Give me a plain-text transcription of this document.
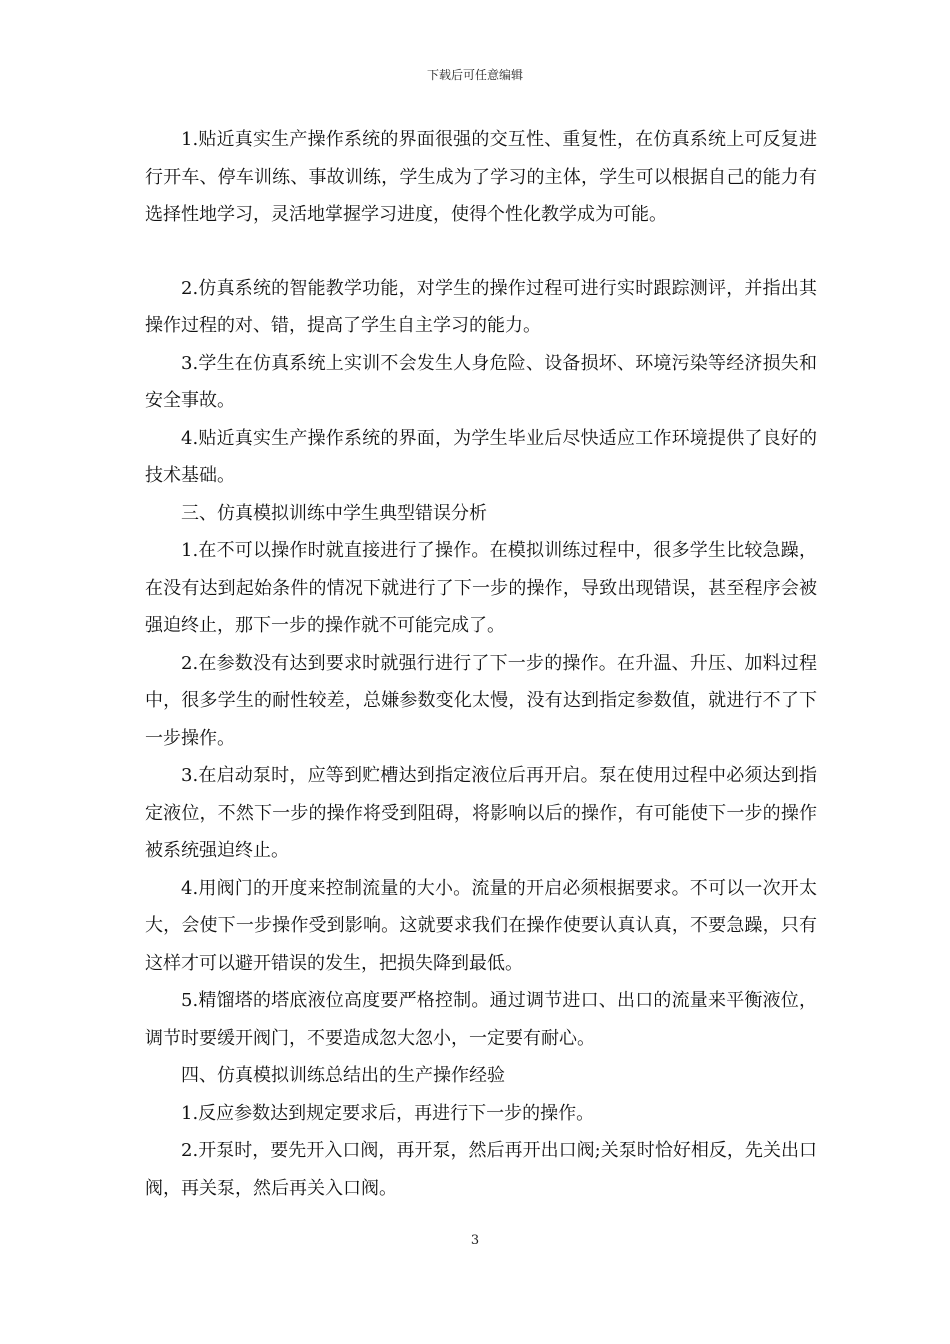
下载后可任意编辑

1.贴近真实生产操作系统的界面很强的交互性、重复性，在仿真系统上可反复进行开车、停车训练、事故训练，学生成为了学习的主体，学生可以根据自己的能力有选择性地学习，灵活地掌握学习进度，使得个性化教学成为可能。

2.仿真系统的智能教学功能，对学生的操作过程可进行实时跟踪测评，并指出其操作过程的对、错，提高了学生自主学习的能力。

3.学生在仿真系统上实训不会发生人身危险、设备损坏、环境污染等经济损失和安全事故。

4.贴近真实生产操作系统的界面，为学生毕业后尽快适应工作环境提供了良好的技术基础。

三、仿真模拟训练中学生典型错误分析

1.在不可以操作时就直接进行了操作。在模拟训练过程中，很多学生比较急躁，在没有达到起始条件的情况下就进行了下一步的操作，导致出现错误，甚至程序会被强迫终止，那下一步的操作就不可能完成了。

2.在参数没有达到要求时就强行进行了下一步的操作。在升温、升压、加料过程中，很多学生的耐性较差，总嫌参数变化太慢，没有达到指定参数值，就进行不了下一步操作。

3.在启动泵时，应等到贮槽达到指定液位后再开启。泵在使用过程中必须达到指定液位，不然下一步的操作将受到阻碍，将影响以后的操作，有可能使下一步的操作被系统强迫终止。

4.用阀门的开度来控制流量的大小。流量的开启必须根据要求。不可以一次开太大，会使下一步操作受到影响。这就要求我们在操作使要认真认真，不要急躁，只有这样才可以避开错误的发生，把损失降到最低。

5.精馏塔的塔底液位高度要严格控制。通过调节进口、出口的流量来平衡液位，调节时要缓开阀门，不要造成忽大忽小，一定要有耐心。

四、仿真模拟训练总结出的生产操作经验

1.反应参数达到规定要求后，再进行下一步的操作。

2.开泵时，要先开入口阀，再开泵，然后再开出口阀;关泵时恰好相反，先关出口阀，再关泵，然后再关入口阀。

3
